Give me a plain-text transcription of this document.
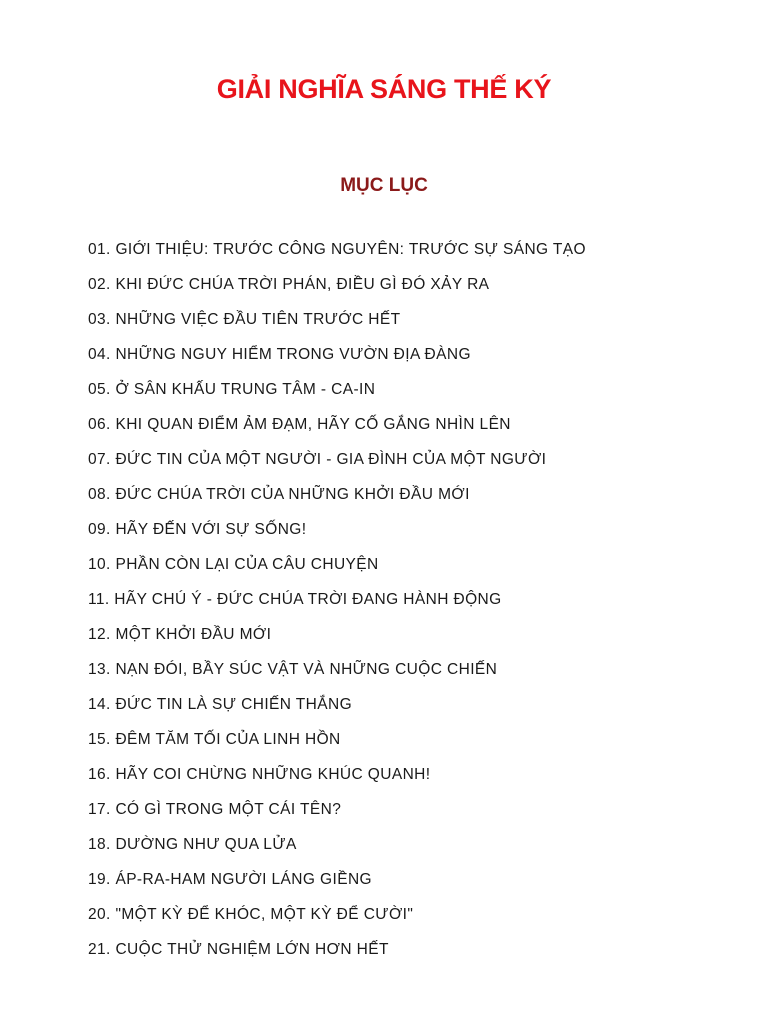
GIẢI NGHĨA SÁNG THẾ KÝ
MỤC LỤC
01. GIỚI THIỆU: TRƯỚC CÔNG NGUYÊN: TRƯỚC SỰ SÁNG TẠO
02. KHI ĐỨC CHÚA TRỜI PHÁN, ĐIỀU GÌ ĐÓ XẢY RA
03. NHỮNG VIỆC ĐẦU TIÊN TRƯỚC HẾT
04. NHỮNG NGUY HIỂM TRONG VƯỜN ĐỊA ĐÀNG
05. Ở SÂN KHẤU TRUNG TÂM - CA-IN
06. KHI QUAN ĐIỂM ẢM ĐẠM, HÃY CỐ GẮNG NHÌN LÊN
07. ĐỨC TIN CỦA MỘT NGƯỜI - GIA ĐÌNH CỦA MỘT NGƯỜI
08. ĐỨC CHÚA TRỜI CỦA NHỮNG KHỞI ĐẦU MỚI
09. HÃY ĐẾN VỚI SỰ SỐNG!
10. PHẦN CÒN LẠI CỦA CÂU CHUYỆN
11. HÃY CHÚ Ý - ĐỨC CHÚA TRỜI ĐANG HÀNH ĐỘNG
12. MỘT KHỞI ĐẦU MỚI
13. NẠN ĐÓI, BẦY SÚC VẬT VÀ NHỮNG CUỘC CHIẾN
14. ĐỨC TIN LÀ SỰ CHIẾN THẮNG
15. ĐÊM TĂM TỐI CỦA LINH HỒN
16. HÃY COI CHỪNG NHỮNG KHÚC QUANH!
17. CÓ GÌ TRONG MỘT CÁI TÊN?
18. DƯỜNG NHƯ QUA LỬA
19. ÁP-RA-HAM NGƯỜI LÁNG GIỀNG
20. "MỘT KỲ ĐỂ KHÓC, MỘT KỲ ĐỂ CƯỜI"
21. CUỘC THỬ NGHIỆM LỚN HƠN HẾT
